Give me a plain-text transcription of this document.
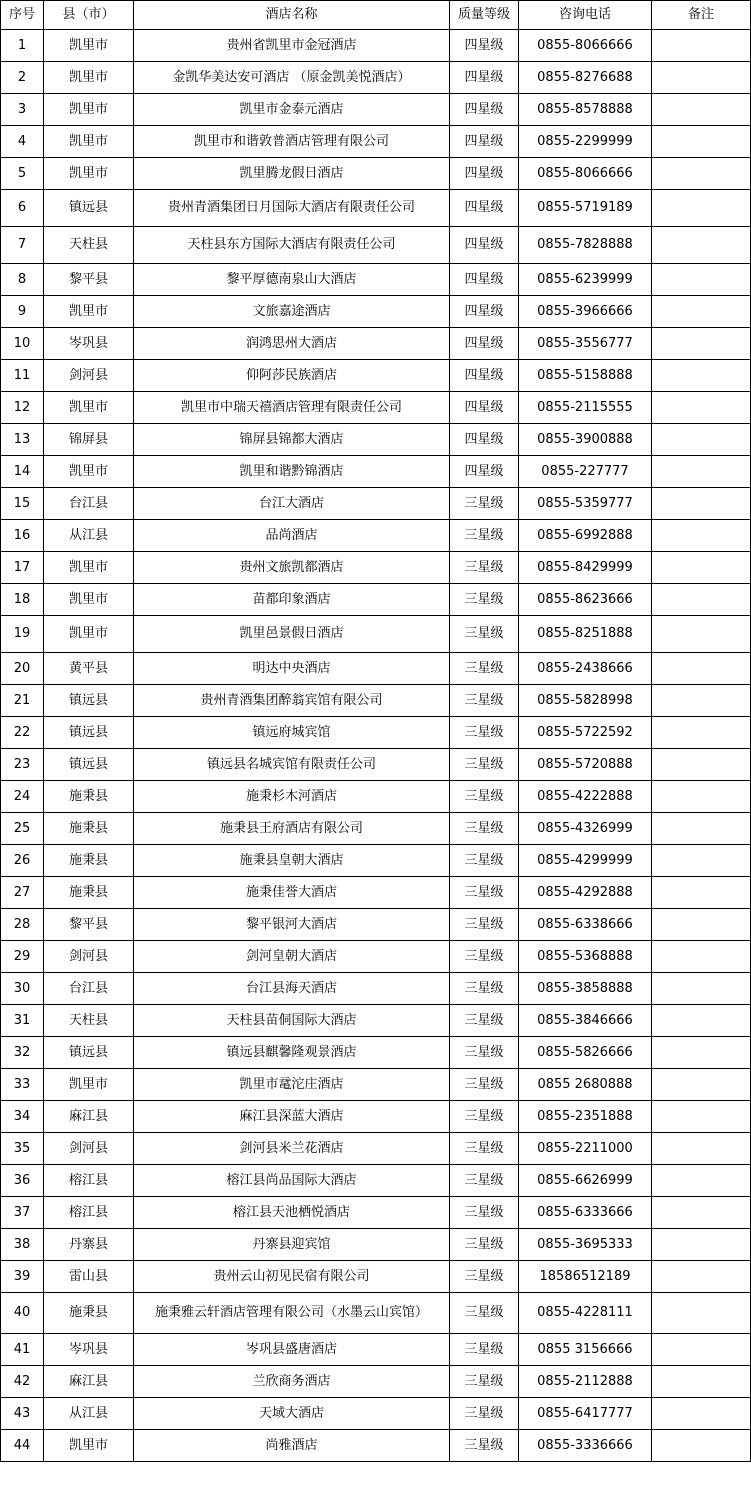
序号	县（市）	酒店名称	质量等级	咨询电话	备注
1	凯里市	贵州省凯里市金冠酒店	四星级	0855-8066666	
2	凯里市	金凯华美达安可酒店 （原金凯美悦酒店）	四星级	0855-8276688	
3	凯里市	凯里市金泰元酒店	四星级	0855-8578888	
4	凯里市	凯里市和谐敦普酒店管理有限公司	四星级	0855-2299999	
5	凯里市	凯里腾龙假日酒店	四星级	0855-8066666	
6	镇远县	贵州青酒集团日月国际大酒店有限责任公司	四星级	0855-5719189	
7	天柱县	天柱县东方国际大酒店有限责任公司	四星级	0855-7828888	
8	黎平县	黎平厚德南泉山大酒店	四星级	0855-6239999	
9	凯里市	文旅嘉途酒店	四星级	0855-3966666	
10	岑巩县	润鸿思州大酒店	四星级	0855-3556777	
11	剑河县	仰阿莎民族酒店	四星级	0855-5158888	
12	凯里市	凯里市中瑞天禧酒店管理有限责任公司	四星级	0855-2115555	
13	锦屏县	锦屏县锦都大酒店	四星级	0855-3900888	
14	凯里市	凯里和谐黔锦酒店	四星级	0855-227777	
15	台江县	台江大酒店	三星级	0855-5359777	
16	从江县	品尚酒店	三星级	0855-6992888	
17	凯里市	贵州文旅凯都酒店	三星级	0855-8429999	
18	凯里市	苗都印象酒店	三星级	0855-8623666	
19	凯里市	凯里邑景假日酒店	三星级	0855-8251888	
20	黄平县	明达中央酒店	三星级	0855-2438666	
21	镇远县	贵州青酒集团醉翁宾馆有限公司	三星级	0855-5828998	
22	镇远县	镇远府城宾馆	三星级	0855-5722592	
23	镇远县	镇远县名城宾馆有限责任公司	三星级	0855-5720888	
24	施秉县	施秉杉木河酒店	三星级	0855-4222888	
25	施秉县	施秉县王府酒店有限公司	三星级	0855-4326999	
26	施秉县	施秉县皇朝大酒店	三星级	0855-4299999	
27	施秉县	施秉佳誉大酒店	三星级	0855-4292888	
28	黎平县	黎平银河大酒店	三星级	0855-6338666	
29	剑河县	剑河皇朝大酒店	三星级	0855-5368888	
30	台江县	台江县海天酒店	三星级	0855-3858888	
31	天柱县	天柱县苗侗国际大酒店	三星级	0855-3846666	
32	镇远县	镇远县麒馨隆观景酒店	三星级	0855-5826666	
33	凯里市	凯里市鼋沱庄酒店	三星级	0855 2680888	
34	麻江县	麻江县深蓝大酒店	三星级	0855-2351888	
35	剑河县	剑河县米兰花酒店	三星级	0855-2211000	
36	榕江县	榕江县尚品国际大酒店	三星级	0855-6626999	
37	榕江县	榕江县天池栖悦酒店	三星级	0855-6333666	
38	丹寨县	丹寨县迎宾馆	三星级	0855-3695333	
39	雷山县	贵州云山初见民宿有限公司	三星级	18586512189	
40	施秉县	施秉雅云轩酒店管理有限公司（水墨云山宾馆）	三星级	0855-4228111	
41	岑巩县	岑巩县盛唐酒店	三星级	0855 3156666	
42	麻江县	兰欣商务酒店	三星级	0855-2112888	
43	从江县	天域大酒店	三星级	0855-6417777	
44	凯里市	尚雅酒店	三星级	0855-3336666	
